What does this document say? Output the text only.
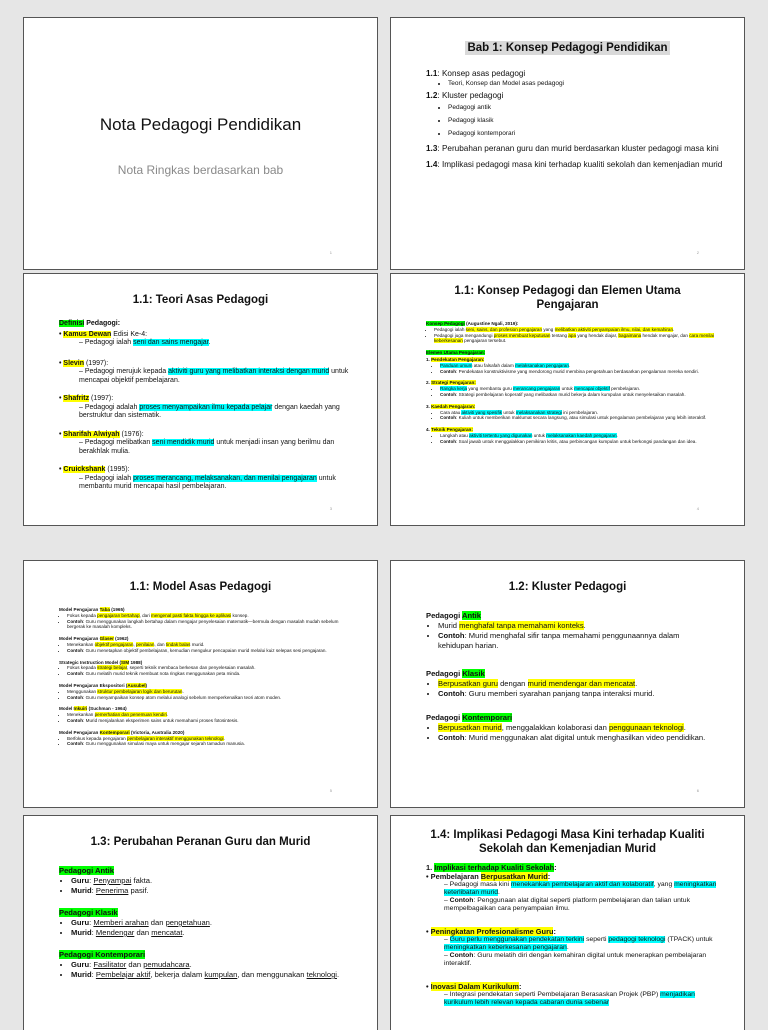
Nota Pedagogi Pendidikan
Nota Ringkas berdasarkan bab
1
Bab 1: Konsep Pedagogi Pendidikan
1.1: Konsep asas pedagogi
• Teori, Konsep dan Model asas pedagogi
1.2: Kluster pedagogi
• Pedagogi antik
• Pedagogi klasik
• Pedagogi kontemporari
1.3: Perubahan peranan guru dan murid berdasarkan kluster pedagogi masa kini
1.4: Implikasi pedagogi masa kini terhadap kualiti sekolah dan kemenjadian murid
2
1.1: Teori Asas Pedagogi
Definisi Pedagogi:
• Kamus Dewan Edisi Ke-4:
– Pedagogi ialah seni dan sains mengajar.
• Slevin (1997):
– Pedagogi merujuk kepada aktiviti guru yang melibatkan interaksi dengan murid untuk mencapai objektif pembelajaran.
• Shafritz (1997):
– Pedagogi adalah proses menyampaikan ilmu kepada pelajar dengan kaedah yang berstruktur dan sistematik.
• Sharifah Alwiyah (1976):
– Pedagogi melibatkan seni mendidik murid untuk menjadi insan yang berilmu dan berakhlak mulia.
• Cruickshank (1995):
– Pedagogi ialah proses merancang, melaksanakan, dan menilai pengajaran untuk membantu murid mencapai hasil pembelajaran.
3
1.1: Konsep Pedagogi dan Elemen Utama Pengajaran
Konsep Pedagogi (Augustine Ngali, 2019):
• Pedagogi ialah seni, sains, dan profesion pengajaran yang melibatkan aktiviti penyampaian ilmu, nilai, dan kemahiran.
• Pedagogi juga mengandungi proses membuat keputusan tentang apa yang hendak diajar, bagaimana hendak mengajar, dan cara menilai keberkesanan pengajaran tersebut.
Elemen Utama Pengajaran:
1. Pendekatan Pengajaran:
• Panduan umum atau falsafah dalam melaksanakan pengajaran.
• Contoh: Pendekatan konstruktivisme yang mendorong murid membina pengetahuan berdasarkan pengalaman mereka sendiri.
2. Strategi Pengajaran:
• Rangka kerja yang membantu guru merancang pengajaran untuk mencapai objektif pembelajaran.
• Contoh: Strategi pembelajaran koperatif yang melibatkan murid bekerja dalam kumpulan untuk menyelesaikan masalah.
3. Kaedah Pengajaran:
• Cara atau aktiviti yang spesifik untuk melaksanakan strategi ini pembelajaran.
• Contoh: Kuliah untuk memberikan maklumat secara langsung, atau simulasi untuk pengalaman pembelajaran yang lebih interaktif.
4. Teknik Pengajaran:
• Langkah atau aktiviti tertentu yang digunakan untuk melaksanakan kaedah pengajaran.
• Contoh: Soal jawab untuk menggalakkan pemikiran kritis, atau perbincangan kumpulan untuk berkongsi pandangan dan idea.
4
1.1: Model Asas Pedagogi
Model Pengajaran Taba (1965)
• Fokus kepada pengajaran bertahap, dari mengenal pasti fakta hingga ke aplikasi konsep.
• Contoh: Guru menggunakan langkah bertahap dalam mengajar penyelesaian matematik—bermula dengan masalah mudah sebelum bergerak ke masalah kompleks.
Model Pengajaran Glaser (1962)
• Menekankan objektif pengajaran, penilaian, dan tindak balas murid.
• Contoh: Guru menetapkan objektif pembelajaran, kemudian mengukur pencapaian murid melalui kuiz selepas sesi pengajaran.
Strategic Instruction Model (SIM 1988)
• Fokus kepada strategi belajar, seperti teknik membaca berkesan dan penyelesaian masalah.
• Contoh: Guru melatih murid teknik membuat nota ringkas menggunakan peta minda.
Model Pengajaran Ekspositori (Ausubel)
• Menggunakan struktur pembelajaran logik dan berurutan.
• Contoh: Guru menyampaikan konsep atom melalui analogi sebelum memperkenalkan teori atom moden.
Model Inkuiri (Suchman - 1964)
• Menekankan pemerhatian dan penemuan kendiri.
• Contoh: Murid menjalankan eksperimen sains untuk memahami proses fotosintesis.
Model Pengajaran Kontemporari (Victoria, Australia 2020)
• Berfokus kepada pengajaran pembelajaran interaktif menggunakan teknologi.
• Contoh: Guru menggunakan simulasi maya untuk mengajar sejarah tamadun manusia.
5
1.2: Kluster Pedagogi
Pedagogi Antik
• Murid menghafal tanpa memahami konteks.
• Contoh: Murid menghafal sifir tanpa memahami penggunaannya dalam kehidupan harian.
Pedagogi Klasik
• Berpusatkan guru dengan murid mendengar dan mencatat.
• Contoh: Guru memberi syarahan panjang tanpa interaksi murid.
Pedagogi Kontemporari
• Berpusatkan murid, menggalakkan kolaborasi dan penggunaan teknologi.
• Contoh: Murid menggunakan alat digital untuk menghasilkan video pendidikan.
6
1.3: Perubahan Peranan Guru dan Murid
Pedagogi Antik
• Guru: Penyampai fakta.
• Murid: Penerima pasif.
Pedagogi Klasik
• Guru: Memberi arahan dan pengetahuan.
• Murid: Mendengar dan mencatat.
Pedagogi Kontemporari
• Guru: Fasilitator dan pemudahcara.
• Murid: Pembelajar aktif, bekerja dalam kumpulan, dan menggunakan teknologi.
1.4: Implikasi Pedagogi Masa Kini terhadap Kualiti Sekolah dan Kemenjadian Murid
1. Implikasi terhadap Kualiti Sekolah:
• Pembelajaran Berpusatkan Murid:
– Pedagogi masa kini menekankan pembelajaran aktif dan kolaboratif, yang meningkatkan keterlibatan murid.
– Contoh: Penggunaan alat digital seperti platform pembelajaran dan talian untuk mempelbagaikan cara penyampaian ilmu.
• Peningkatan Profesionalisme Guru:
– Guru perlu menggunakan pendekatan terkini seperti pedagogi teknologi (TPACK) untuk meningkatkan keberkesanan pengajaran.
– Contoh: Guru melatih diri dengan kemahiran digital untuk menerapkan pembelajaran interaktif.
• Inovasi Dalam Kurikulum:
– Integrasi pendekatan seperti Pembelajaran Berasaskan Projek (PBP) menjadikan kurikulum lebih relevan kepada cabaran dunia sebenar
